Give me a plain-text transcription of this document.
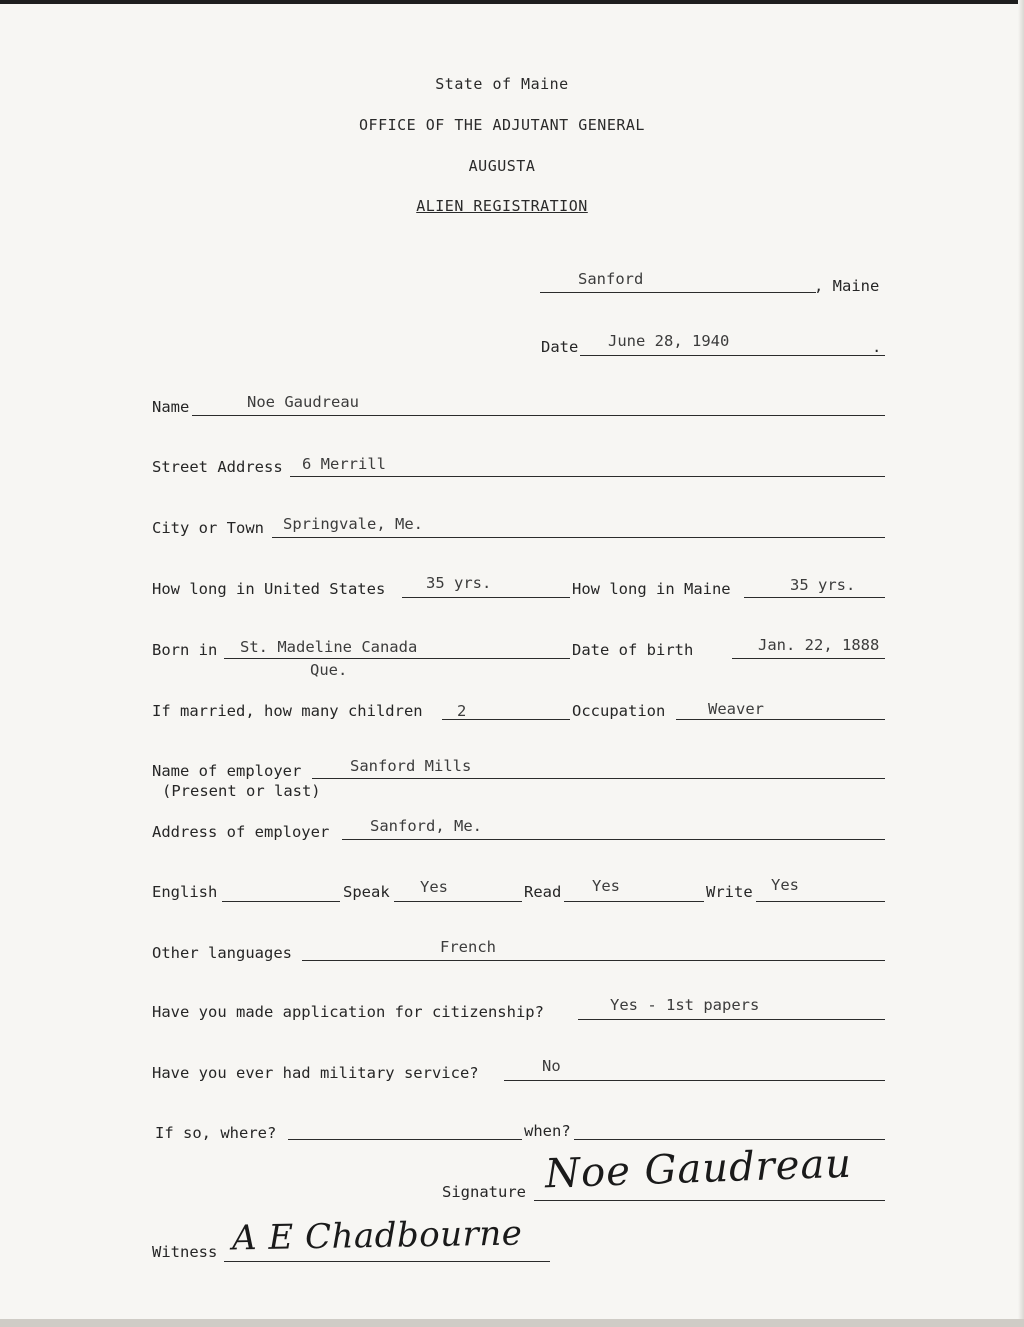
State of Maine
OFFICE OF THE ADJUTANT GENERAL
AUGUSTA
ALIEN REGISTRATION
Sanford	, Maine
Date June 28, 1940	.
Name	Noe Gaudreau
Street Address 6 Merrill
City or Town Springvale, Me.
How long in United States	35 yrs.	How long in Maine	35 yrs.
Born in St. Madeline Canada
Que.
Date of birth	Jan. 22, 1888
If married, how many children 2	Occupation	Weaver
Name of employer	Sanford Mills
(Present or last)
Address of employer	Sanford, Me.
English	Speak Yes	Read Yes	Write Yes
Other languages	French
Have you made application for citizenship?	Yes - 1st papers
Have you ever had military service?	No
If so, where?	when?
Signature Noe Gaudreau
Witness A E Chadbourne
